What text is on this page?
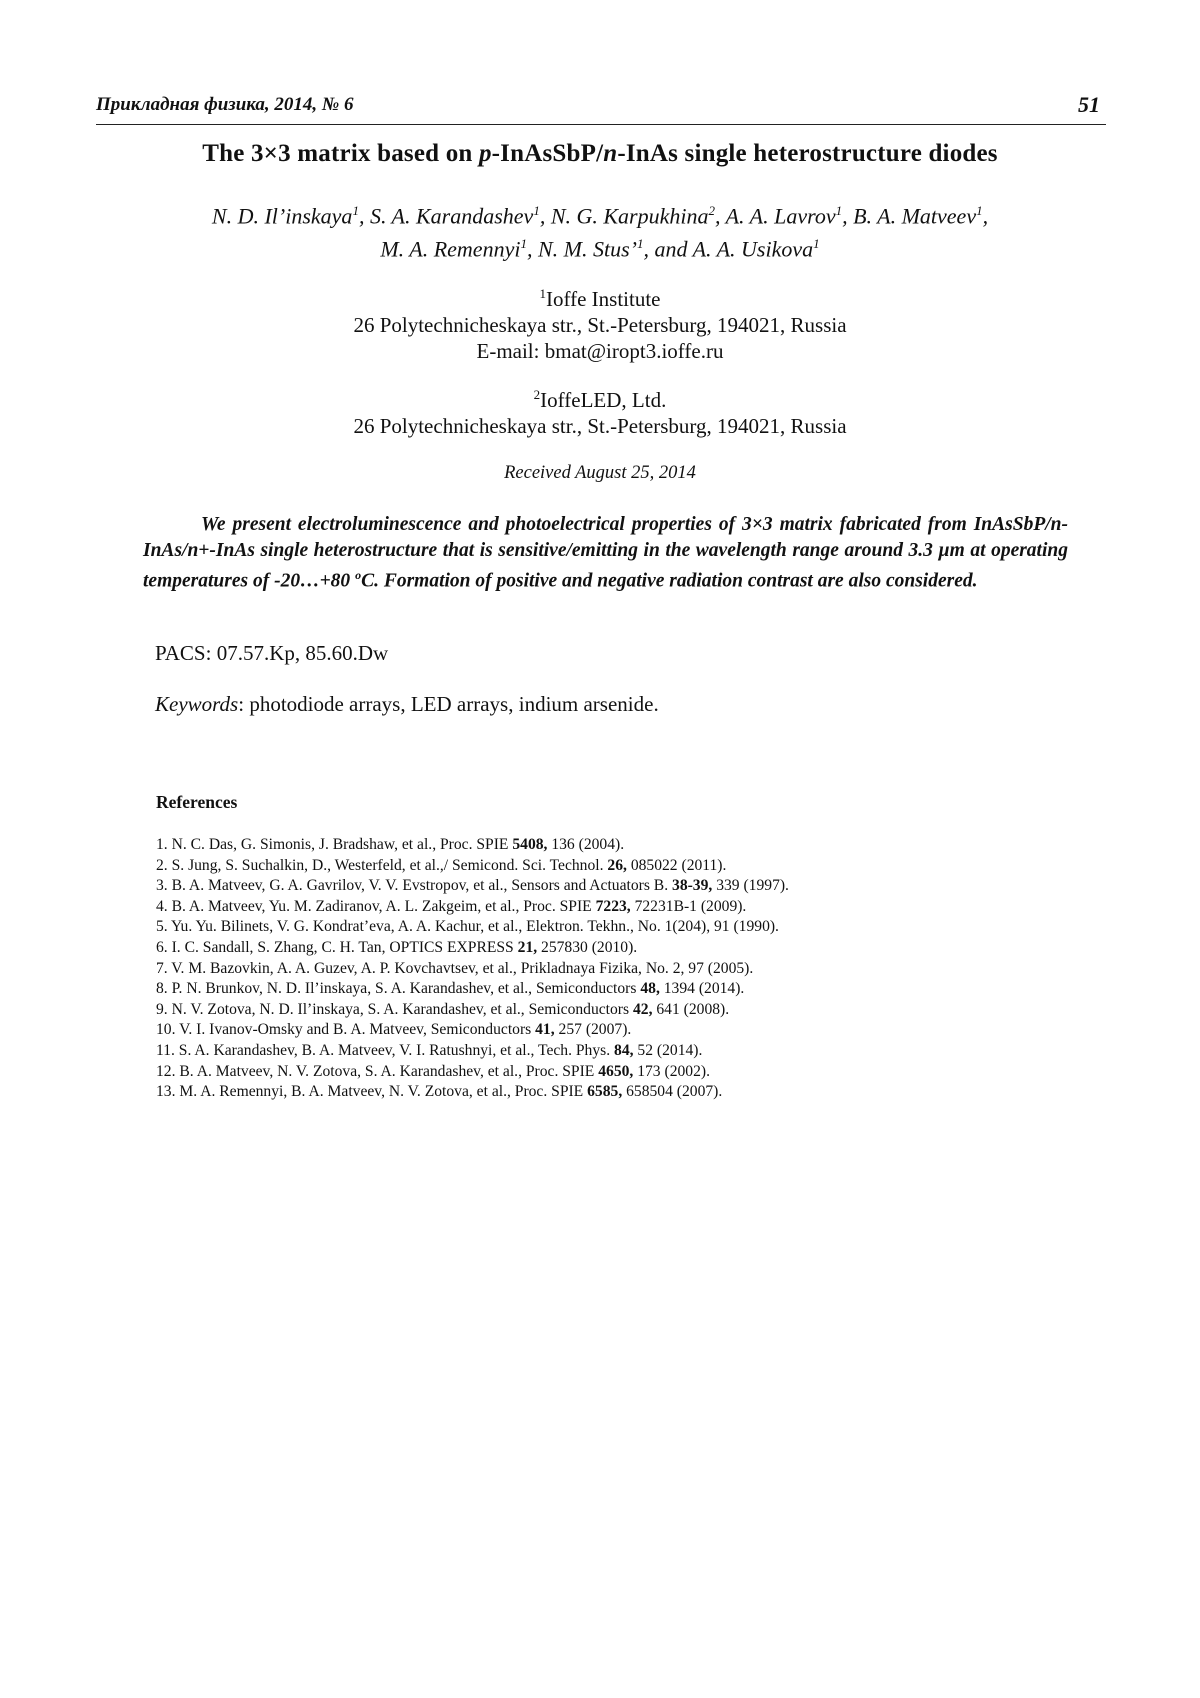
Прикладная физика, 2014, № 6	51
The 3×3 matrix based on p-InAsSbP/n-InAs single heterostructure diodes
N. D. Il’inskaya$^1$, S. A. Karandashev$^1$, N. G. Karpukhina$^2$, A. A. Lavrov$^1$, B. A. Matveev$^1$,
M. A. Remennyi$^1$, N. M. Stus’$^1$, and A. A. Usikova$^1$
$^1$Ioffe Institute
26 Polytechnicheskaya str., St.-Petersburg, 194021, Russia
E-mail: bmat@iropt3.ioffe.ru
$^2$IoffeLED, Ltd.
26 Polytechnicheskaya str., St.-Petersburg, 194021, Russia
Received August 25, 2014
We present electroluminescence and photoelectrical properties of 3×3 matrix fabricated from InAsSbP/n-InAs/n+-InAs single heterostructure that is sensitive/emitting in the wavelength range around 3.3 µm at operating temperatures of -20…+80 $^o$C. Formation of positive and negative radiation contrast are also considered.
PACS: 07.57.Kp, 85.60.Dw
Keywords: photodiode arrays, LED arrays, indium arsenide.
References
1. N. C. Das, G. Simonis, J. Bradshaw, et al., Proc. SPIE 5408, 136 (2004).
2. S. Jung, S. Suchalkin, D., Westerfeld, et al.,/ Semicond. Sci. Technol. 26, 085022 (2011).
3. B. A. Matveev, G. A. Gavrilov, V. V. Evstropov, et al., Sensors and Actuators B. 38-39, 339 (1997).
4. B. A. Matveev, Yu. M. Zadiranov, A. L. Zakgeim, et al., Proc. SPIE 7223, 72231B-1 (2009).
5. Yu. Yu. Bilinets, V. G. Kondrat’eva, A. A. Kachur, et al., Elektron. Tekhn., No. 1(204), 91 (1990).
6. I. C. Sandall, S. Zhang, C. H. Tan, OPTICS EXPRESS 21, 257830 (2010).
7. V. M. Bazovkin, A. A. Guzev, A. P. Kovchavtsev, et al., Prikladnaya Fizika, No. 2, 97 (2005).
8. P. N. Brunkov, N. D. Il’inskaya, S. A. Karandashev, et al., Semiconductors 48, 1394 (2014).
9. N. V. Zotova, N. D. Il’inskaya, S. A. Karandashev, et al., Semiconductors 42, 641 (2008).
10. V. I. Ivanov-Omsky and B. A. Matveev, Semiconductors 41, 257 (2007).
11. S. A. Karandashev, B. A. Matveev, V. I. Ratushnyi, et al., Tech. Phys. 84, 52 (2014).
12. B. A. Matveev, N. V. Zotova, S. A. Karandashev, et al., Proc. SPIE 4650, 173 (2002).
13. M. A. Remennyi, B. A. Matveev, N. V. Zotova, et al., Proc. SPIE 6585, 658504 (2007).
